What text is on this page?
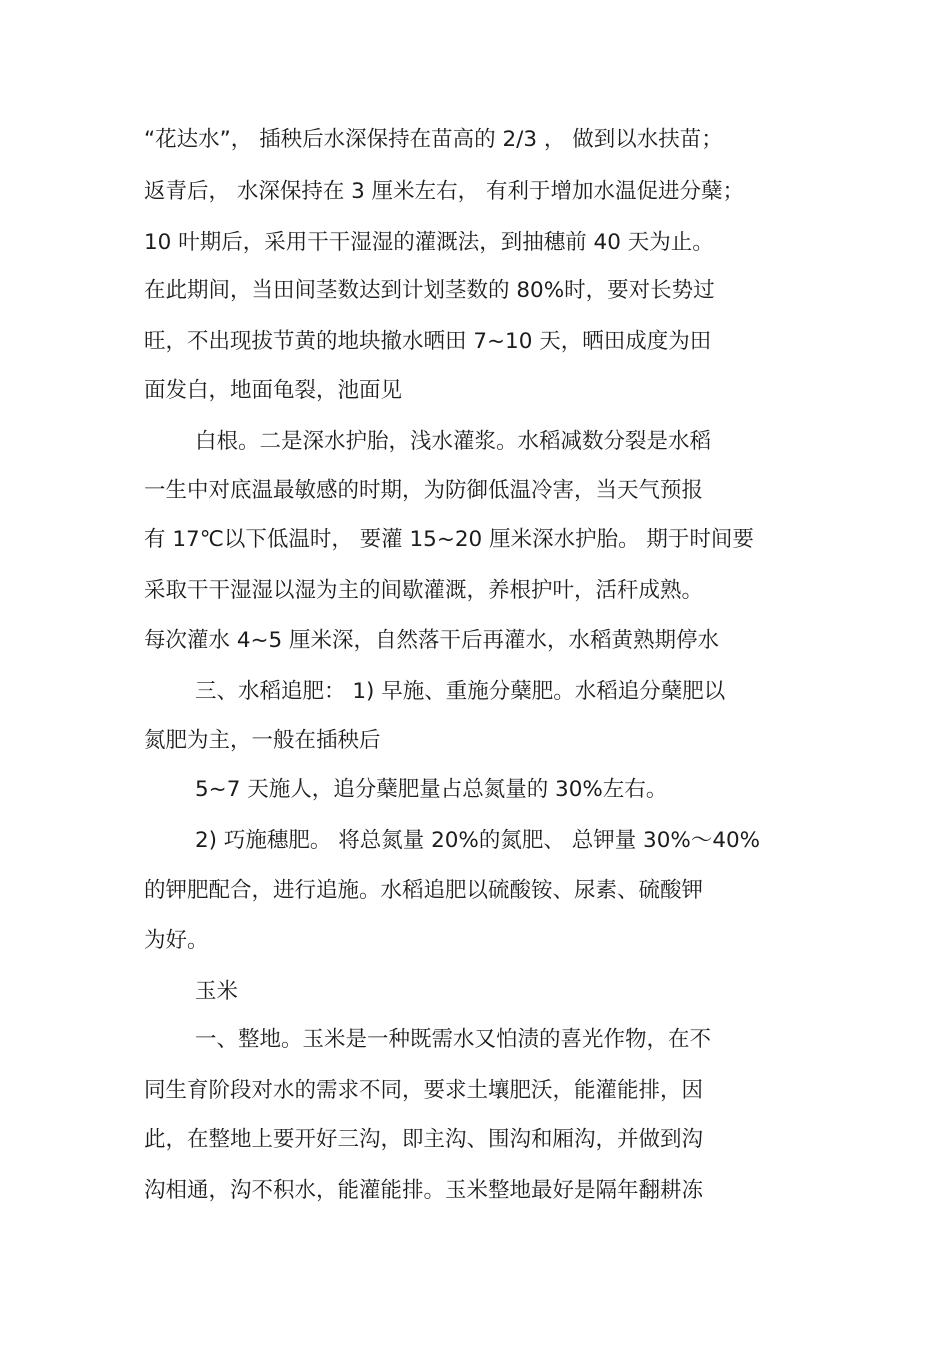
“花达水”， 插秧后水深保持在苗高的 2/3 ， 做到以水扶苗；
返青后， 水深保持在 3 厘米左右， 有利于增加水温促进分蘖；
10 叶期后，采用干干湿湿的灌溉法，到抽穗前 40 天为止。
在此期间，当田间茎数达到计划茎数的 80%时，要对长势过
旺，不出现拔节黄的地块撤水晒田 7~10 天，晒田成度为田
面发白，地面龟裂，池面见
白根。二是深水护胎，浅水灌浆。水稻减数分裂是水稻
一生中对底温最敏感的时期，为防御低温冷害，当天气预报
有 17℃以下低温时， 要灌 15~20 厘米深水护胎。 期于时间要
采取干干湿湿以湿为主的间歇灌溉，养根护叶，活秆成熟。
每次灌水 4~5 厘米深，自然落干后再灌水，水稻黄熟期停水
三、水稻追肥： 1) 早施、重施分蘖肥。水稻追分蘖肥以
氮肥为主，一般在插秧后
5~7 天施人，追分蘖肥量占总氮量的 30%左右。
2) 巧施穗肥。 将总氮量 20%的氮肥、 总钾量 30%～40%
的钾肥配合，进行追施。水稻追肥以硫酸铵、尿素、硫酸钾
为好。
玉米
一、整地。玉米是一种既需水又怕渍的喜光作物，在不
同生育阶段对水的需求不同，要求土壤肥沃，能灌能排，因
此，在整地上要开好三沟，即主沟、围沟和厢沟，并做到沟
沟相通，沟不积水，能灌能排。玉米整地最好是隔年翻耕冻
